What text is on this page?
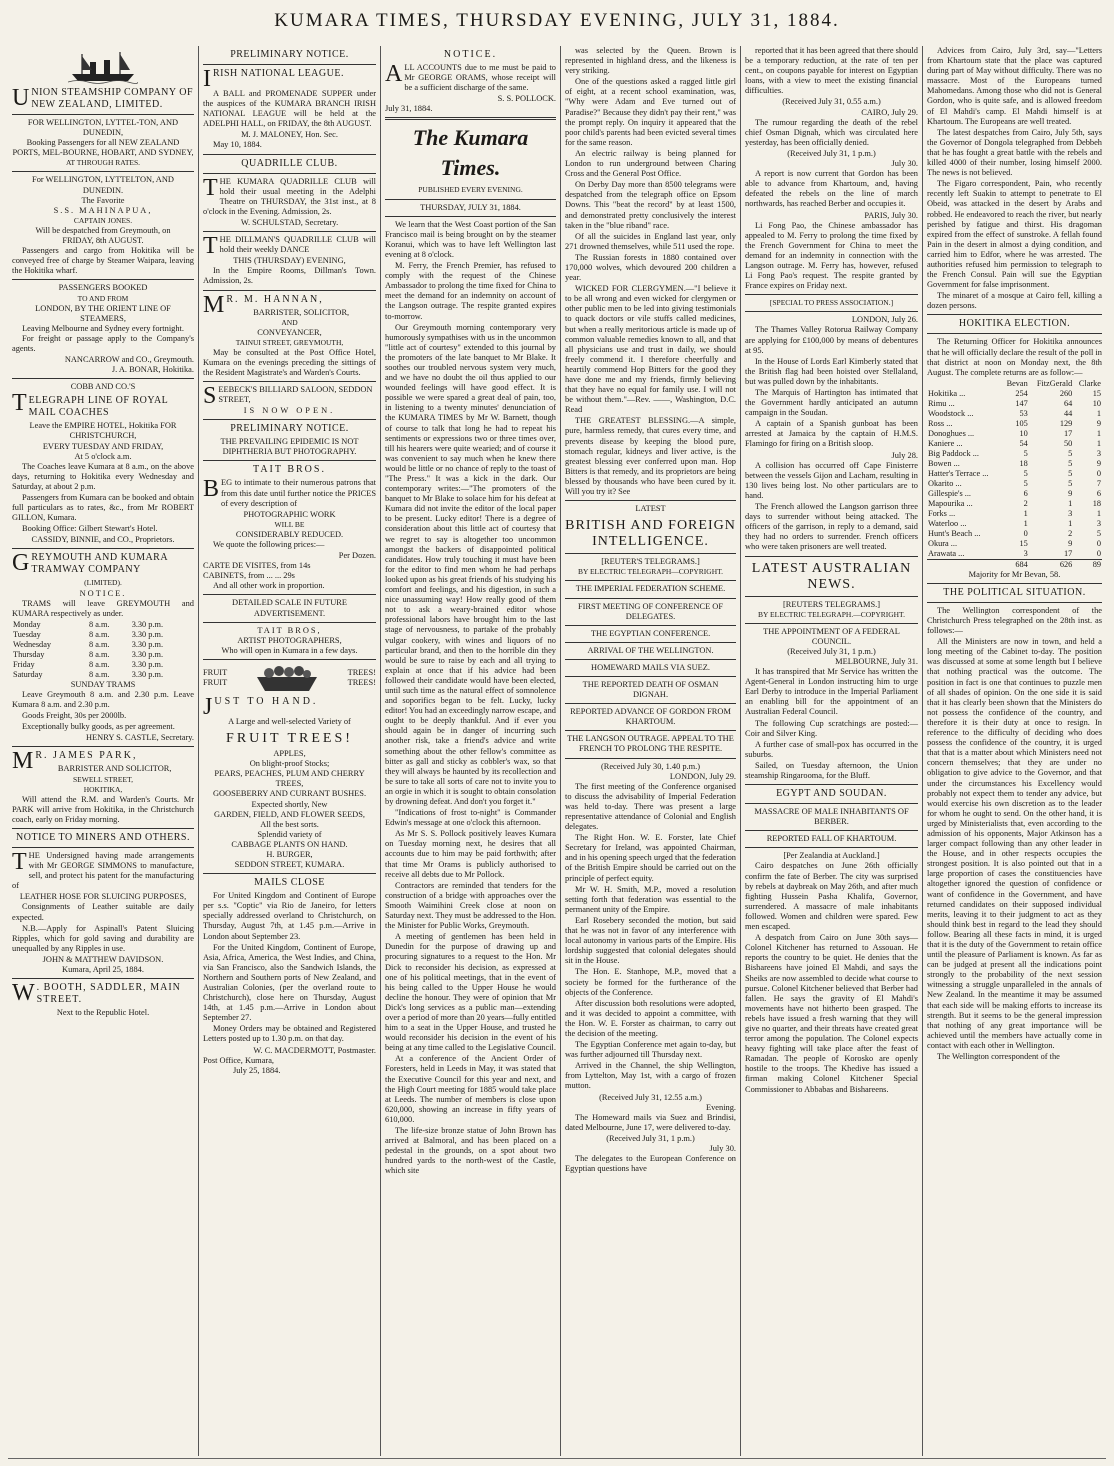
KUMARA TIMES, THURSDAY EVENING, JULY 31, 1884.
U NION STEAMSHIP COMPANY OF NEW ZEALAND, LIMITED.
FOR WELLINGTON, LYTTEL-TON, AND DUNEDIN,
Booking Passengers for all NEW ZEALAND PORTS, MEL-BOURNE, HOBART, AND SYDNEY,
AT THROUGH RATES.
For WELLINGTON, LYTTELTON, AND DUNEDIN.
The Favorite
S.S. MAHINAPUA,
CAPTAIN JONES.
Will be despatched from Greymouth, on
FRIDAY, 8th AUGUST.

Passengers and cargo from Hokitika will be conveyed free of charge by Steamer Waipara, leaving the Hokitika wharf.

PASSENGERS BOOKED
TO AND FROM
LONDON, BY THE ORIENT LINE OF STEAMERS,
Leaving Melbourne and Sydney every fortnight.

For freight or passage apply to the Company's agents.

NANCARROW and CO., Greymouth.
J. A. BONAR, Hokitika.
COBB AND CO.'S
T ELEGRAPH LINE OF ROYAL MAIL COACHES
Leave the EMPIRE HOTEL, Hokitika FOR CHRISTCHURCH,
EVERY TUESDAY AND FRIDAY,
At 5 o'clock a.m.

The Coaches leave Kumara at 8 a.m., on the above days, returning to Hokitika every Wednesday and Saturday, at about 2 p.m.

Passengers from Kumara can be booked and obtain full particulars as to rates, &c., from Mr ROBERT GILLON, Kumara.

Booking Office: Gilbert Stewart's Hotel.

CASSIDY, BINNIE, and CO., Proprietors.
G REYMOUTH AND KUMARA TRAMWAY COMPANY
(LIMITED).
NOTICE.

TRAMS will leave GREYMOUTH and KUMARA respectively as under.

Monday	8 a.m.	3.30 p.m.
Tuesday	8 a.m.	3.30 p.m.
Wednesday	8 a.m.	3.30 p.m.
Thursday	8 a.m.	3.30 p.m.
Friday	8 a.m.	3.30 p.m.
Saturday	8 a.m.	3.30 p.m.
SUNDAY TRAMS

Leave Greymouth 8 a.m. and 2.30 p.m. Leave Kumara 8 a.m. and 2.30 p.m.

Goods Freight, 30s per 2000lb.

Exceptionally bulky goods, as per agreement.

HENRY S. CASTLE, Secretary.
M R. JAMES PARK,
BARRISTER AND SOLICITOR,
SEWELL STREET,
HOKITIKA,

Will attend the R.M. and Warden's Courts. Mr PARK will arrive from Hokitika, in the Christchurch coach, early on Friday morning.

NOTICE TO MINERS AND OTHERS.
T HE Undersigned having made arrangements with Mr GEORGE SIMMONS to manufacture, sell, and protect his patent for the manufacturing of

LEATHER HOSE FOR SLUICING PURPOSES,

Consignments of Leather suitable are daily expected.

N.B.—Apply for Aspinall's Patent Sluicing Ripples, which for gold saving and durability are unequalled by any Ripples in use.

JOHN & MATTHEW DAVIDSON.
Kumara, April 25, 1884.
W . BOOTH, SADDLER, MAIN STREET.
Next to the Republic Hotel.
PRELIMINARY NOTICE.
I RISH NATIONAL LEAGUE.

A BALL and PROMENADE SUPPER under the auspices of the KUMARA BRANCH IRISH NATIONAL LEAGUE will be held at the ADELPHI HALL, on FRIDAY, the 8th AUGUST.

M. J. MALONEY, Hon. Sec.

May 10, 1884.

QUADRILLE CLUB.
T HE KUMARA QUADRILLE CLUB will hold their usual meeting in the Adelphi Theatre on THURSDAY, the 31st inst., at 8 o'clock in the Evening. Admission, 2s.

W. SCHULSTAD, Secretary.
T HE DILLMAN'S QUADRILLE CLUB will hold their weekly DANCE

THIS (THURSDAY) EVENING,

In the Empire Rooms, Dillman's Town. Admission, 2s.

M R. M. HANNAN,
BARRISTER, SOLICITOR,
AND
CONVEYANCER,
TAINUI STREET, GREYMOUTH,

May be consulted at the Post Office Hotel, Kumara on the evenings preceding the sittings of the Resident Magistrate's and Warden's Courts.

S EEBECK'S BILLIARD SALOON, SEDDON STREET,
IS NOW OPEN.
PRELIMINARY NOTICE.
THE PREVAILING EPIDEMIC IS NOT DIPHTHERIA BUT PHOTOGRAPHY.
TAIT BROS.
B EG to intimate to their numerous patrons that from this date until further notice the PRICES of every description of

PHOTOGRAPHIC WORK
WILL BE
CONSIDERABLY REDUCED.

We quote the following prices:—

Per Dozen.
CARTE DE VISITES, from 14s
CABINETS, from ... ... 29s

And all other work in proportion.

DETAILED SCALE IN FUTURE ADVERTISEMENT.
TAIT BROS,
ARTIST PHOTOGRAPHERS,
Who will open in Kumara in a few days.
FRUIT
FRUIT
TREES!
TREES!
J UST TO HAND.
A Large and well-selected Variety of
FRUIT TREES!
APPLES,
On blight-proof Stocks;
PEARS, PEACHES, PLUM AND CHERRY TREES,
GOOSEBERRY AND CURRANT BUSHES.
Expected shortly, New
GARDEN, FIELD, AND FLOWER SEEDS,
All the best sorts.
Splendid variety of
CABBAGE PLANTS ON HAND.
H. BURGER,
SEDDON STREET, KUMARA.
MAILS CLOSE

For United Kingdom and Continent of Europe per s.s. "Coptic" via Rio de Janeiro, for letters specially addressed overland to Christchurch, on Thursday, August 7th, at 1.45 p.m.—Arrive in London about September 23.

For the United Kingdom, Continent of Europe, Asia, Africa, America, the West Indies, and China, via San Francisco, also the Sandwich Islands, the Northern and Southern ports of New Zealand, and Australian Colonies, (per the overland route to Christchurch), close here on Thursday, August 14th, at 1.45 p.m.—Arrive in London about September 27.

Money Orders may be obtained and Registered Letters posted up to 1.30 p.m. on that day.

W. C. MACDERMOTT, Postmaster.
Post Office, Kumara,
July 25, 1884.
NOTICE.
A LL ACCOUNTS due to me must be paid to Mr GEORGE ORAMS, whose receipt will be a sufficient discharge of the same.

S. S. POLLOCK.
July 31, 1884.
The Kumara Times.
PUBLISHED EVERY EVENING.
THURSDAY, JULY 31, 1884.

We learn that the West Coast portion of the San Francisco mail is being brought on by the steamer Koranui, which was to have left Wellington last evening at 8 o'clock.

M. Ferry, the French Premier, has refused to comply with the request of the Chinese Ambassador to prolong the time fixed for China to meet the demand for an indemnity on account of the Langson outrage. The respite granted expires to-morrow.

Our Greymouth morning contemporary very humorously sympathises with us in the uncommon "little act of courtesy" extended to this journal by the promoters of the late banquet to Mr Blake. It soothes our troubled nervous system very much, and we have no doubt the oil thus applied to our wounded feelings will have good effect. It is possible we were spared a great deal of pain, too, in listening to a twenty minutes' denunciation of the KUMARA TIMES by Mr W. Barnett, though of course to talk that long he had to repeat his sentiments or expressions two or three times over, till his hearers were quite wearied; and of course it was convenient to say much when he knew there would be little or no chance of reply to the toast of "The Press." It was a kick in the dark. Our contemporary writes:—"The promoters of the banquet to Mr Blake to solace him for his defeat at Kumara did not invite the editor of the local paper to be present. Lucky editor! There is a degree of consideration about this little act of courtesy that we regret to say is altogether too uncommon amongst the backers of disappointed political candidates. How truly touching it must have been for the editor to find men whom he had perhaps looked upon as his great friends of his studying his comfort and feelings, and his digestion, in such a nice unassuming way! How really good of them not to ask a weary-brained editor whose professional labors have brought him to the last stage of nervousness, to partake of the probably vulgar cookery, with wines and liquors of no particular brand, and then to the horrible din they would be sure to raise by each and all trying to explain at once that if his advice had been followed their candidate would have been elected, until such time as the natural effect of somnolence and soporifics began to be felt. Lucky, lucky editor! You had an exceedingly narrow escape, and ought to be deeply thankful. And if ever you should again be in danger of incurring such another risk, take a friend's advice and write something about the other fellow's committee as bitter as gall and sticky as cobbler's wax, so that they will always be haunted by its recollection and be sure to take all sorts of care not to invite you to an orgie in which it is sought to obtain consolation by drowning defeat. And don't you forget it."

"Indications of frost to-night" is Commander Edwin's message at one o'clock this afternoon.

As Mr S. S. Pollock positively leaves Kumara on Tuesday morning next, he desires that all accounts due to him may be paid forthwith; after that time Mr Orams is publicly authorised to receive all debts due to Mr Pollock.

Contractors are reminded that tenders for the construction of a bridge with approaches over the Smooth Waimihini Creek close at noon on Saturday next. They must be addressed to the Hon. the Minister for Public Works, Greymouth.

A meeting of gentlemen has been held in Dunedin for the purpose of drawing up and procuring signatures to a request to the Hon. Mr Dick to reconsider his decision, as expressed at one of his political meetings, that in the event of his being called to the Upper House he would decline the honour. They were of opinion that Mr Dick's long services as a public man—extending over a period of more than 20 years—fully entitled him to a seat in the Upper House, and trusted he would reconsider his decision in the event of his being at any time called to the Legislative Council.

At a conference of the Ancient Order of Foresters, held in Leeds in May, it was stated that the Executive Council for this year and next, and the High Court meeting for 1885 would take place at Leeds. The number of members is close upon 620,000, showing an increase in fifty years of 610,000.

The life-size bronze statue of John Brown has arrived at Balmoral, and has been placed on a pedestal in the grounds, on a spot about two hundred yards to the north-west of the Castle, which site

was selected by the Queen. Brown is represented in highland dress, and the likeness is very striking.

One of the questions asked a ragged little girl of eight, at a recent school examination, was, "Why were Adam and Eve turned out of Paradise?" Because they didn't pay their rent," was the prompt reply. On inquiry it appeared that the poor child's parents had been evicted several times for the same reason.

An electric railway is being planned for London to run underground between Charing Cross and the General Post Office.

On Derby Day more than 8500 telegrams were despatched from the telegraph office on Epsom Downs. This "beat the record" by at least 1500, and demonstrated pretty conclusively the interest taken in the "blue riband" race.

Of all the suicides in England last year, only 271 drowned themselves, while 511 used the rope.

The Russian forests in 1880 contained over 170,000 wolves, which devoured 200 children a year.

WICKED FOR CLERGYMEN.—"I believe it to be all wrong and even wicked for clergymen or other public men to be led into giving testimonials to quack doctors or vile stuffs called medicines, but when a really meritorious article is made up of common valuable remedies known to all, and that all physicians use and trust in daily, we should freely commend it. I therefore cheerfully and heartily commend Hop Bitters for the good they have done me and my friends, firmly believing that they have no equal for family use. I will not be without them."—Rev. ——, Washington, D.C. Read

THE GREATEST BLESSING.—A simple, pure, harmless remedy, that cures every time, and prevents disease by keeping the blood pure, stomach regular, kidneys and liver active, is the greatest blessing ever conferred upon man. Hop Bitters is that remedy, and its proprietors are being blessed by thousands who have been cured by it. Will you try it? See

LATEST
BRITISH AND FOREIGN INTELLIGENCE.
[REUTER'S TELEGRAMS.]
BY ELECTRIC TELEGRAPH—COPYRIGHT.
THE IMPERIAL FEDERATION SCHEME.
FIRST MEETING OF CONFERENCE OF DELEGATES.
THE EGYPTIAN CONFERENCE.
ARRIVAL OF THE WELLINGTON.
HOMEWARD MAILS VIA SUEZ.
THE REPORTED DEATH OF OSMAN DIGNAH.
REPORTED ADVANCE OF GORDON FROM KHARTOUM.
THE LANGSON OUTRAGE. APPEAL TO THE FRENCH TO PROLONG THE RESPITE.
(Received July 30, 1.40 p.m.)
LONDON, July 29.

The first meeting of the Conference organised to discuss the advisability of Imperial Federation was held to-day. There was present a large representative attendance of Colonial and English delegates.

The Right Hon. W. E. Forster, late Chief Secretary for Ireland, was appointed Chairman, and in his opening speech urged that the federation of the British Empire should be carried out on the principle of perfect equity.

Mr W. H. Smith, M.P., moved a resolution setting forth that federation was essential to the permanent unity of the Empire.

Earl Rosebery seconded the motion, but said that he was not in favor of any interference with local autonomy in various parts of the Empire. His lordship suggested that colonial delegates should sit in the House.

The Hon. E. Stanhope, M.P., moved that a society be formed for the furtherance of the objects of the Conference.

After discussion both resolutions were adopted, and it was decided to appoint a committee, with the Hon. W. E. Forster as chairman, to carry out the decision of the meeting.

The Egyptian Conference met again to-day, but was further adjourned till Thursday next.

Arrived in the Channel, the ship Wellington, from Lyttelton, May 1st, with a cargo of frozen mutton.

(Received July 31, 12.55 a.m.)
Evening.

The Homeward mails via Suez and Brindisi, dated Melbourne, June 17, were delivered to-day.

(Received July 31, 1 p.m.)
July 30.

The delegates to the European Conference on Egyptian questions have

reported that it has been agreed that there should be a temporary reduction, at the rate of ten per cent., on coupons payable for interest on Egyptian loans, with a view to meet the existing financial difficulties.

(Received July 31, 0.55 a.m.)
CAIRO, July 29.

The rumour regarding the death of the rebel chief Osman Dignah, which was circulated here yesterday, has been officially denied.

(Received July 31, 1 p.m.)
July 30.

A report is now current that Gordon has been able to advance from Khartoum, and, having defeated the rebels on the line of march northwards, has reached Berber and occupies it.

PARIS, July 30.

Li Fong Pao, the Chinese ambassador has appealed to M. Ferry to prolong the time fixed by the French Government for China to meet the demand for an indemnity in connection with the Langson outrage. M. Ferry has, however, refused Li Fong Pao's request. The respite granted by France expires on Friday next.

[SPECIAL TO PRESS ASSOCIATION.]
LONDON, July 26.

The Thames Valley Rotorua Railway Company are applying for £100,000 by means of debentures at 95.

In the House of Lords Earl Kimberly stated that the British flag had been hoisted over Stellaland, but was pulled down by the inhabitants.

The Marquis of Hartington has intimated that the Government hardly anticipated an autumn campaign in the Soudan.

A captain of a Spanish gunboat has been arrested at Jamaica by the captain of H.M.S. Flamingo for firing on a British sloop.

July 28.

A collision has occurred off Cape Finisterre between the vessels Gijon and Lacham, resulting in 130 lives being lost. No other particulars are to hand.

The French allowed the Langson garrison three days to surrender without being attacked. The officers of the garrison, in reply to a demand, said they had no orders to surrender. French officers who were taken prisoners are well treated.

LATEST AUSTRALIAN NEWS.
[REUTERS TELEGRAMS.]
BY ELECTRIC TELEGRAPH.—COPYRIGHT.
THE APPOINTMENT OF A FEDERAL COUNCIL.
(Received July 31, 1 p.m.)
MELBOURNE, July 31.

It has transpired that Mr Service has written the Agent-General in London instructing him to urge Earl Derby to introduce in the Imperial Parliament an enabling bill for the appointment of an Australian Federal Council.

The following Cup scratchings are posted:—Coir and Silver King.

A further case of small-pox has occurred in the suburbs.

Sailed, on Tuesday afternoon, the Union steamship Ringarooma, for the Bluff.

EGYPT AND SOUDAN.
MASSACRE OF MALE INHABITANTS OF BERBER.
REPORTED FALL OF KHARTOUM.
[Per Zealandia at Auckland.]

Cairo despatches on June 26th officially confirm the fate of Berber. The city was surprised by rebels at daybreak on May 26th, and after much fighting Hussein Pasha Khalifa, Governor, surrendered. A massacre of male inhabitants followed. Women and children were spared. Few men escaped.

A despatch from Cairo on June 30th says—Colonel Kitchener has returned to Assouan. He reports the country to be quiet. He denies that the Bishareens have joined El Mahdi, and says the Sheiks are now assembled to decide what course to pursue. Colonel Kitchener believed that Berber had fallen. He says the gravity of El Mahdi's movements have not hitherto been grasped. The rebels have issued a fresh warning that they will give no quarter, and their threats have created great terror among the population. The Colonel expects heavy fighting will take place after the feast of Ramadan. The people of Korosko are openly hostile to the troops. The Khedive has issued a firman making Colonel Kitchener Special Commissioner to Abbabas and Bishareens.

Advices from Cairo, July 3rd, say—"Letters from Khartoum state that the place was captured during part of May without difficulty. There was no massacre. Most of the Europeans turned Mahomedans. Among those who did not is General Gordon, who is quite safe, and is allowed freedom of El Mahdi's camp. El Mahdi himself is at Khartoum. The Europeans are well treated.

The latest despatches from Cairo, July 5th, says the Governor of Dongola telegraphed from Debbeh that he has fought a great battle with the rebels and killed 4000 of their number, losing himself 2000. The news is not believed.

The Figaro correspondent, Pain, who recently recently left Suakin to attempt to penetrate to El Obeid, was attacked in the desert by Arabs and robbed. He endeavored to reach the river, but nearly perished by fatigue and thirst. His dragoman expired from the effect of sunstroke. A fellah found Pain in the desert in almost a dying condition, and carried him to Edfor, where he was arrested. The authorities refused him permission to telegraph to the French Consul. Pain will sue the Egyptian Government for false imprisonment.

The minaret of a mosque at Cairo fell, killing a dozen persons.

HOKITIKA ELECTION.

The Returning Officer for Hokitika announces that he will officially declare the result of the poll in that district at noon on Monday next, the 8th August. The complete returns are as follow:—

	Bevan	FitzGerald	Clarke
Hokitika ...	254	260	15
Rimu ...	147	64	10
Woodstock ...	53	44	1
Ross ...	105	129	9
Donoghues ...	10	17	1
Kaniere ...	54	50	1
Big Paddock ...	5	5	3
Bowen ...	18	5	9
Hatter's Terrace ...	5	5	0
Okarito ...	5	5	7
Gillespie's ...	6	9	6
Mapourika ...	2	1	18
Forks ...	1	3	1
Waterloo ...	1	1	3
Hunt's Beach ...	0	2	5
Okura ...	15	9	0
Arawata ...	3	17	0
	684	626	89
Majority for Mr Bevan, 58.
THE POLITICAL SITUATION.

The Wellington correspondent of the Christchurch Press telegraphed on the 28th inst. as follows:—

All the Ministers are now in town, and held a long meeting of the Cabinet to-day. The position was discussed at some at some length but I believe that nothing practical was the outcome. The position in fact is one that continues to puzzle men of all shades of opinion. On the one side it is said that it has clearly been shown that the Ministers do not possess the confidence of the country, and therefore it is their duty at once to resign. In reference to the difficulty of deciding who does possess the confidence of the country, it is urged that that is a matter about which Ministers need not concern themselves; that they are under no obligation to give advice to the Governor, and that under the circumstances his Excellency would probably not expect them to tender any advice, but would exercise his own discretion as to the leader for whom he ought to send. On the other hand, it is urged by Ministerialists that, even according to the admission of his opponents, Major Atkinson has a larger compact following than any other leader in the House, and in other respects occupies the strongest position. It is also pointed out that in a large proportion of cases the constituencies have altogether ignored the question of confidence or want of confidence in the Government, and have returned candidates on their supposed individual merits, leaving it to their judgment to act as they should think best in regard to the lead they should follow. Bearing all these facts in mind, it is urged that it is the duty of the Government to retain office until the pleasure of Parliament is known. As far as can be judged at present all the indications point strongly to the probability of the next session witnessing a struggle unparalleled in the annals of New Zealand. In the meantime it may be assumed that each side will be making efforts to increase its strength. But it seems to be the general impression that nothing of any great importance will be achieved until the members have actually come in contact with each other in Wellington.

The Wellington correspondent of the
